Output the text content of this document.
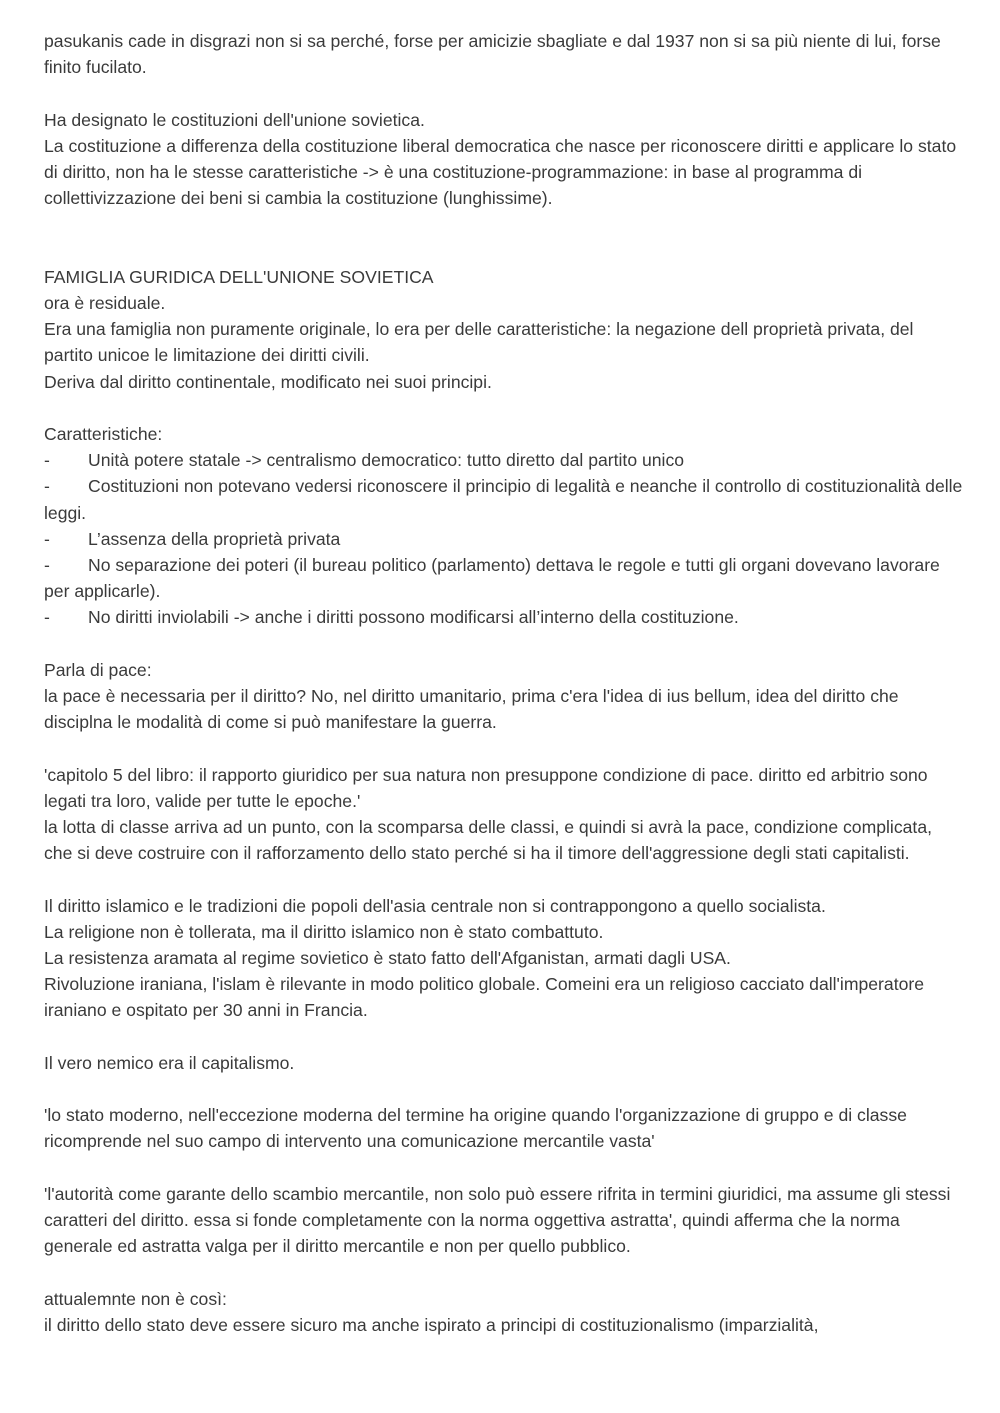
pasukanis cade in disgrazi non si sa perché, forse per amicizie sbagliate e dal 1937 non si sa più niente di lui, forse finito fucilato.

Ha designato le costituzioni dell'unione sovietica.

La costituzione a differenza della costituzione liberal democratica che nasce per riconoscere diritti e applicare lo stato di diritto, non ha le stesse caratteristiche -> è una costituzione-programmazione: in base al programma di collettivizzazione dei beni si cambia la costituzione (lunghissime).

FAMIGLIA GURIDICA DELL'UNIONE SOVIETICA

ora è residuale.

Era una famiglia non puramente originale, lo era per delle caratteristiche: la negazione dell proprietà privata, del partito unicoe le limitazione dei diritti civili.

Deriva dal diritto continentale, modificato nei suoi principi.

Caratteristiche:

- Unità potere statale -> centralismo democratico: tutto diretto dal partito unico

- Costituzioni non potevano vedersi riconoscere il principio di legalità e neanche il controllo di costituzionalità delle leggi.

- L’assenza della proprietà privata

- No separazione dei poteri (il bureau politico (parlamento) dettava le regole e tutti gli organi dovevano lavorare per applicarle).

- No diritti inviolabili -> anche i diritti possono modificarsi all’interno della costituzione.

Parla di pace:

la pace è necessaria per il diritto? No, nel diritto umanitario, prima c'era l'idea di ius bellum, idea del diritto che disciplna le modalità di come si può manifestare la guerra.

'capitolo 5 del libro: il rapporto giuridico per sua natura non presuppone condizione di pace. diritto ed arbitrio sono legati tra loro, valide per tutte le epoche.'

la lotta di classe arriva ad un punto, con la scomparsa delle classi, e quindi si avrà la pace, condizione complicata, che si deve costruire con il rafforzamento dello stato perché si ha il timore dell'aggressione degli stati capitalisti.

Il diritto islamico e le tradizioni die popoli dell'asia centrale non si contrappongono a quello socialista.

La religione non è tollerata, ma il diritto islamico non è stato combattuto.

La resistenza aramata al regime sovietico è stato fatto dell'Afganistan, armati dagli USA.

Rivoluzione iraniana, l'islam è rilevante in modo politico globale. Comeini era un religioso cacciato dall'imperatore iraniano e ospitato per 30 anni in Francia.

Il vero nemico era il capitalismo.

'lo stato moderno, nell'eccezione moderna del termine ha origine quando l'organizzazione di gruppo e di classe ricomprende nel suo campo di intervento una comunicazione mercantile vasta'

'l'autorità come garante dello scambio mercantile, non solo può essere rifrita in termini giuridici, ma assume gli stessi caratteri del diritto. essa si fonde completamente con la norma oggettiva astratta', quindi afferma che la norma generale ed astratta valga per il diritto mercantile e non per quello pubblico.

attualemnte non è così:

il diritto dello stato deve essere sicuro ma anche ispirato a principi di costituzionalismo (imparzialità,
